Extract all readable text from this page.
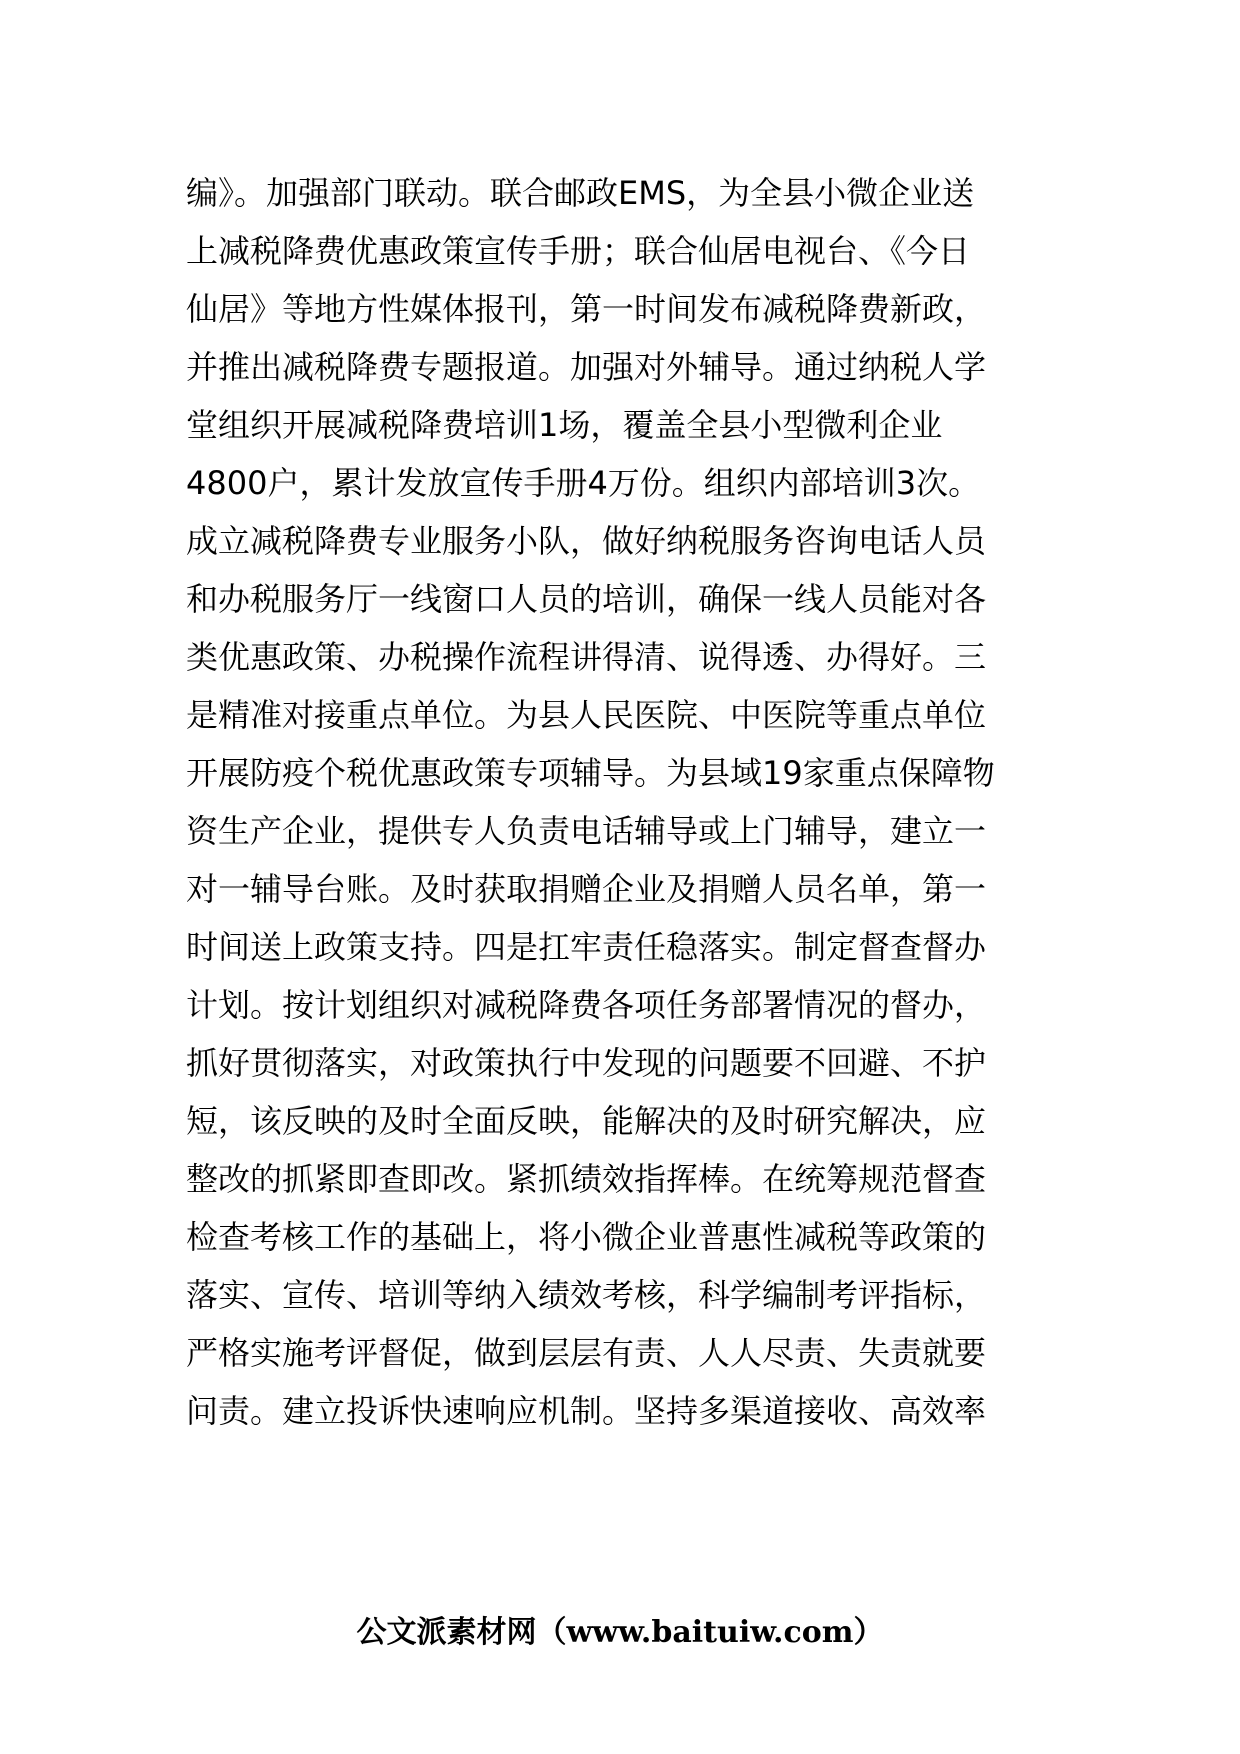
编》。加强部门联动。联合邮政EMS，为全县小微企业送
上减税降费优惠政策宣传手册；联合仙居电视台、《今日
仙居》等地方性媒体报刊，第一时间发布减税降费新政，
并推出减税降费专题报道。加强对外辅导。通过纳税人学
堂组织开展减税降费培训1场，覆盖全县小型微利企业
4800户，累计发放宣传手册4万份。组织内部培训3次。
成立减税降费专业服务小队，做好纳税服务咨询电话人员
和办税服务厅一线窗口人员的培训，确保一线人员能对各
类优惠政策、办税操作流程讲得清、说得透、办得好。三
是精准对接重点单位。为县人民医院、中医院等重点单位
开展防疫个税优惠政策专项辅导。为县域19家重点保障物
资生产企业，提供专人负责电话辅导或上门辅导，建立一
对一辅导台账。及时获取捐赠企业及捐赠人员名单，第一
时间送上政策支持。四是扛牢责任稳落实。制定督查督办
计划。按计划组织对减税降费各项任务部署情况的督办，
抓好贯彻落实，对政策执行中发现的问题要不回避、不护
短，该反映的及时全面反映，能解决的及时研究解决，应
整改的抓紧即查即改。紧抓绩效指挥棒。在统筹规范督查
检查考核工作的基础上，将小微企业普惠性减税等政策的
落实、宣传、培训等纳入绩效考核，科学编制考评指标，
严格实施考评督促，做到层层有责、人人尽责、失责就要
问责。建立投诉快速响应机制。坚持多渠道接收、高效率
公文派素材网（www.baituiw.com）
